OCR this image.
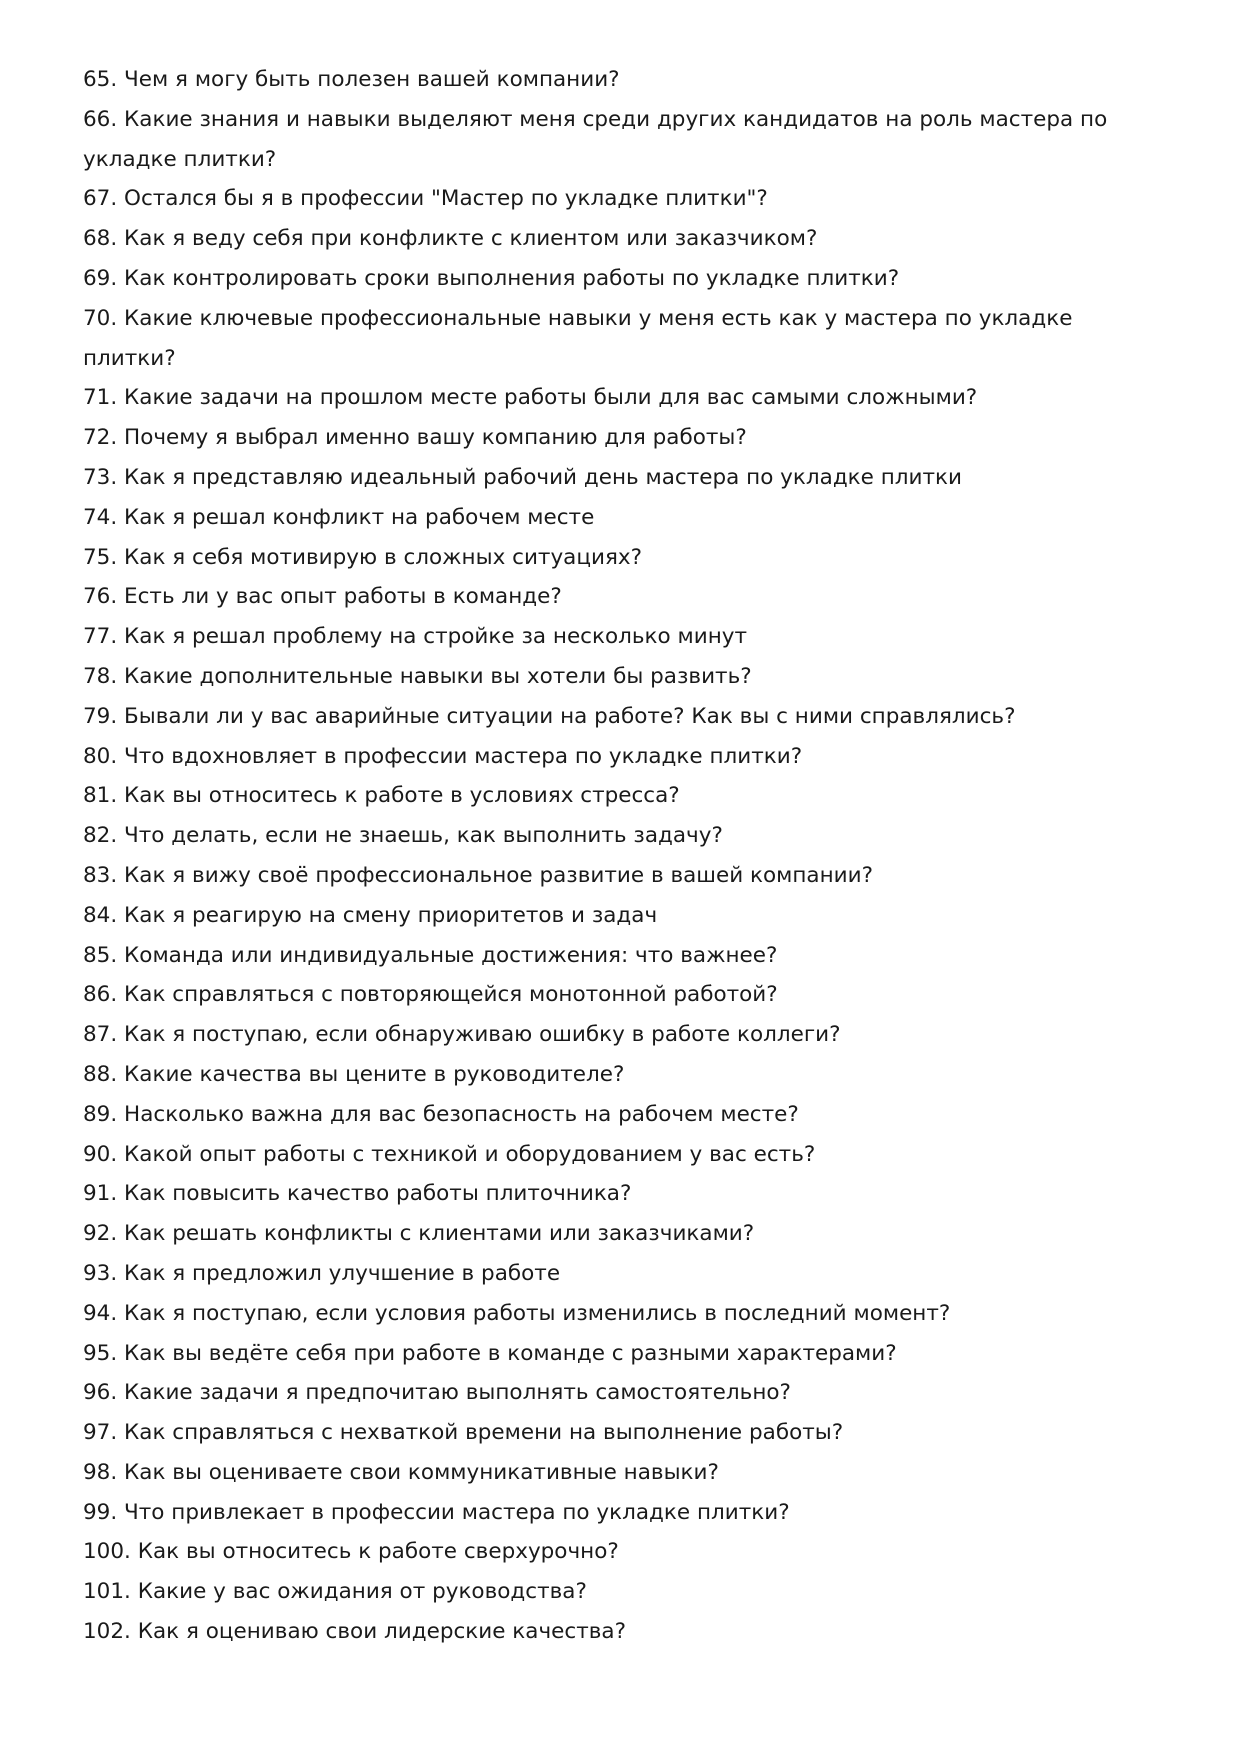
65. Чем я могу быть полезен вашей компании?
66. Какие знания и навыки выделяют меня среди других кандидатов на роль мастера по укладке плитки?
67. Остался бы я в профессии "Мастер по укладке плитки"?
68. Как я веду себя при конфликте с клиентом или заказчиком?
69. Как контролировать сроки выполнения работы по укладке плитки?
70. Какие ключевые профессиональные навыки у меня есть как у мастера по укладке плитки?
71. Какие задачи на прошлом месте работы были для вас самыми сложными?
72. Почему я выбрал именно вашу компанию для работы?
73. Как я представляю идеальный рабочий день мастера по укладке плитки
74. Как я решал конфликт на рабочем месте
75. Как я себя мотивирую в сложных ситуациях?
76. Есть ли у вас опыт работы в команде?
77. Как я решал проблему на стройке за несколько минут
78. Какие дополнительные навыки вы хотели бы развить?
79. Бывали ли у вас аварийные ситуации на работе? Как вы с ними справлялись?
80. Что вдохновляет в профессии мастера по укладке плитки?
81. Как вы относитесь к работе в условиях стресса?
82. Что делать, если не знаешь, как выполнить задачу?
83. Как я вижу своё профессиональное развитие в вашей компании?
84. Как я реагирую на смену приоритетов и задач
85. Команда или индивидуальные достижения: что важнее?
86. Как справляться с повторяющейся монотонной работой?
87. Как я поступаю, если обнаруживаю ошибку в работе коллеги?
88. Какие качества вы цените в руководителе?
89. Насколько важна для вас безопасность на рабочем месте?
90. Какой опыт работы с техникой и оборудованием у вас есть?
91. Как повысить качество работы плиточника?
92. Как решать конфликты с клиентами или заказчиками?
93. Как я предложил улучшение в работе
94. Как я поступаю, если условия работы изменились в последний момент?
95. Как вы ведёте себя при работе в команде с разными характерами?
96. Какие задачи я предпочитаю выполнять самостоятельно?
97. Как справляться с нехваткой времени на выполнение работы?
98. Как вы оцениваете свои коммуникативные навыки?
99. Что привлекает в профессии мастера по укладке плитки?
100. Как вы относитесь к работе сверхурочно?
101. Какие у вас ожидания от руководства?
102. Как я оцениваю свои лидерские качества?
